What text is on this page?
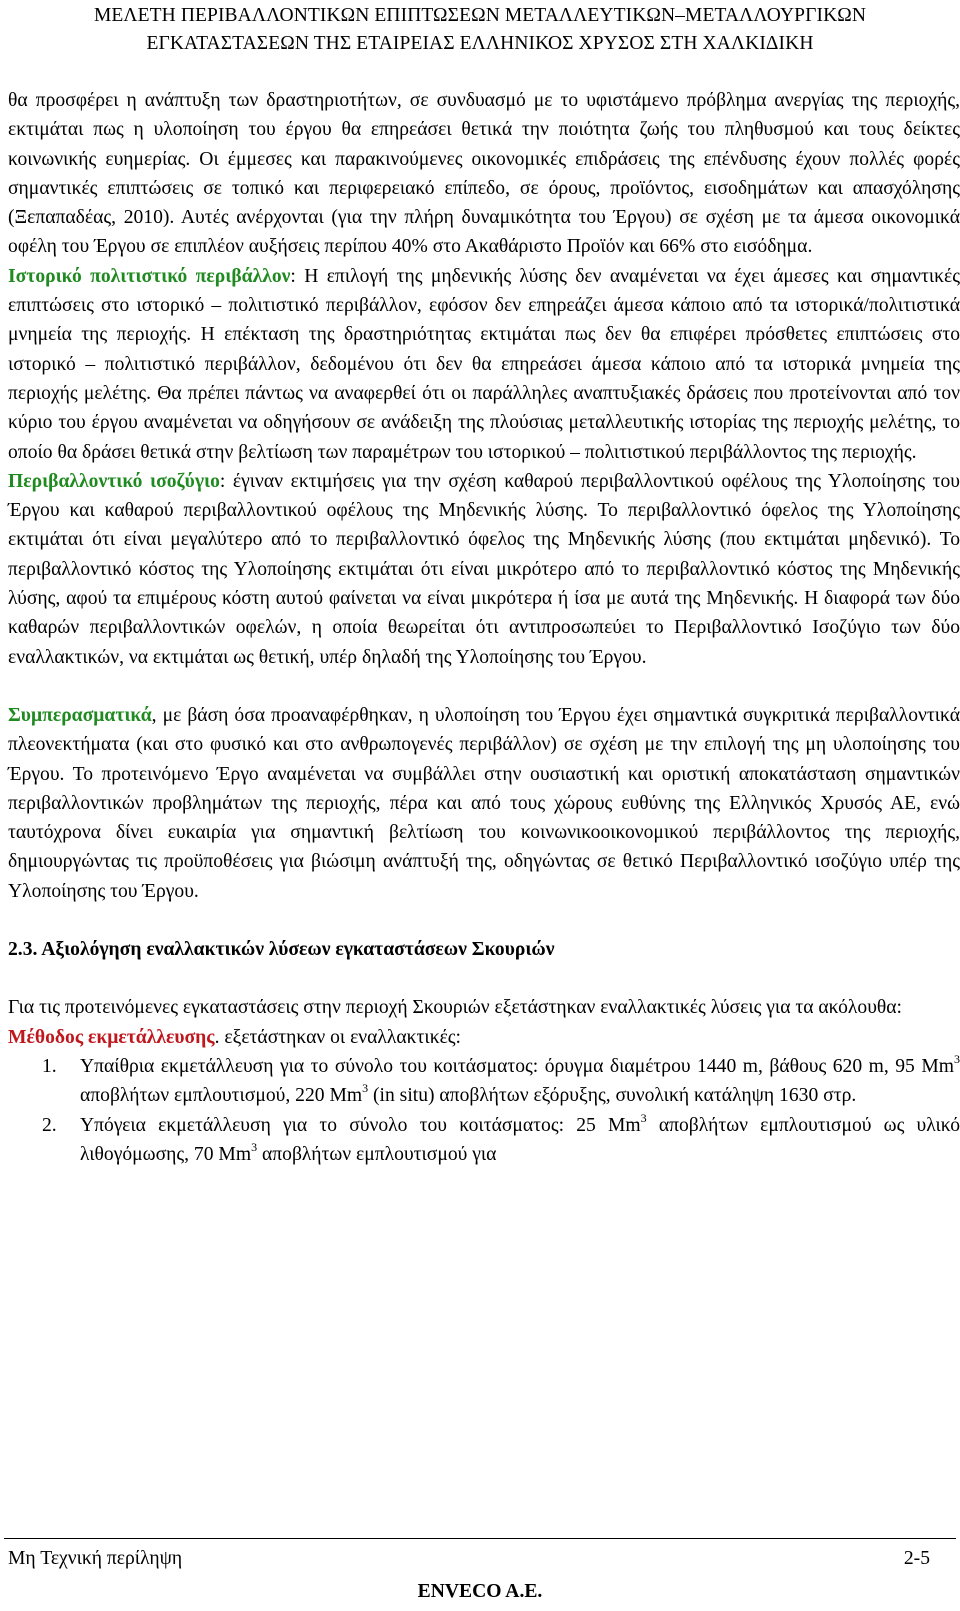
ΜΕΛΕΤΗ ΠΕΡΙΒΑΛΛΟΝΤΙΚΩΝ ΕΠΙΠΤΩΣΕΩΝ ΜΕΤΑΛΛΕΥΤΙΚΩΝ–ΜΕΤΑΛΛΟΥΡΓΙΚΩΝ
ΕΓΚΑΤΑΣΤΑΣΕΩΝ ΤΗΣ ΕΤΑΙΡΕΙΑΣ ΕΛΛΗΝΙΚΟΣ ΧΡΥΣΟΣ ΣΤΗ ΧΑΛΚΙΔΙΚΗ

θα προσφέρει η ανάπτυξη των δραστηριοτήτων, σε συνδυασμό με το υφιστάμενο πρόβλημα ανεργίας της περιοχής, εκτιμάται πως η υλοποίηση του έργου θα επηρεάσει θετικά την ποιότητα ζωής του πληθυσμού και τους δείκτες κοινωνικής ευημερίας. Οι έμμεσες και παρακινούμενες οικονομικές επιδράσεις της επένδυσης έχουν πολλές φορές σημαντικές επιπτώσεις σε τοπικό και περιφερειακό επίπεδο, σε όρους, προϊόντος, εισοδημάτων και απασχόλησης (Ξεπαπαδέας, 2010). Αυτές ανέρχονται (για την πλήρη δυναμικότητα του Έργου) σε σχέση με τα άμεσα οικονομικά οφέλη του Έργου σε επιπλέον αυξήσεις περίπου 40% στο Ακαθάριστο Προϊόν και 66% στο εισόδημα.

Ιστορικό πολιτιστικό περιβάλλον: Η επιλογή της μηδενικής λύσης δεν αναμένεται να έχει άμεσες και σημαντικές επιπτώσεις στο ιστορικό – πολιτιστικό περιβάλλον, εφόσον δεν επηρεάζει άμεσα κάποιο από τα ιστορικά/πολιτιστικά μνημεία της περιοχής. Η επέκταση της δραστηριότητας εκτιμάται πως δεν θα επιφέρει πρόσθετες επιπτώσεις στο ιστορικό – πολιτιστικό περιβάλλον, δεδομένου ότι δεν θα επηρεάσει άμεσα κάποιο από τα ιστορικά μνημεία της περιοχής μελέτης. Θα πρέπει πάντως να αναφερθεί ότι οι παράλληλες αναπτυξιακές δράσεις που προτείνονται από τον κύριο του έργου αναμένεται να οδηγήσουν σε ανάδειξη της πλούσιας μεταλλευτικής ιστορίας της περιοχής μελέτης, το οποίο θα δράσει θετικά στην βελτίωση των παραμέτρων του ιστορικού – πολιτιστικού περιβάλλοντος της περιοχής.

Περιβαλλοντικό ισοζύγιο: έγιναν εκτιμήσεις για την σχέση καθαρού περιβαλλοντικού οφέλους της Υλοποίησης του Έργου και καθαρού περιβαλλοντικού οφέλους της Μηδενικής λύσης. Το περιβαλλοντικό όφελος της Υλοποίησης εκτιμάται ότι είναι μεγαλύτερο από το περιβαλλοντικό όφελος της Μηδενικής λύσης (που εκτιμάται μηδενικό). Το περιβαλλοντικό κόστος της Υλοποίησης εκτιμάται ότι είναι μικρότερο από το περιβαλλοντικό κόστος της Μηδενικής λύσης, αφού τα επιμέρους κόστη αυτού φαίνεται να είναι μικρότερα ή ίσα με αυτά της Μηδενικής. Η διαφορά των δύο καθαρών περιβαλλοντικών οφελών, η οποία θεωρείται ότι αντιπροσωπεύει το Περιβαλλοντικό Ισοζύγιο των δύο εναλλακτικών, να εκτιμάται ως θετική, υπέρ δηλαδή της Υλοποίησης του Έργου.

Συμπερασματικά, με βάση όσα προαναφέρθηκαν, η υλοποίηση του Έργου έχει σημαντικά συγκριτικά περιβαλλοντικά πλεονεκτήματα (και στο φυσικό και στο ανθρωπογενές περιβάλλον) σε σχέση με την επιλογή της μη υλοποίησης του Έργου. Το προτεινόμενο Έργο αναμένεται να συμβάλλει στην ουσιαστική και οριστική αποκατάσταση σημαντικών περιβαλλοντικών προβλημάτων της περιοχής, πέρα και από τους χώρους ευθύνης της Ελληνικός Χρυσός ΑΕ, ενώ ταυτόχρονα δίνει ευκαιρία για σημαντική βελτίωση του κοινωνικοοικονομικού περιβάλλοντος της περιοχής, δημιουργώντας τις προϋποθέσεις για βιώσιμη ανάπτυξή της, οδηγώντας σε θετικό Περιβαλλοντικό ισοζύγιο υπέρ της Υλοποίησης του Έργου.

2.3. Αξιολόγηση εναλλακτικών λύσεων εγκαταστάσεων Σκουριών

Για τις προτεινόμενες εγκαταστάσεις στην περιοχή Σκουριών εξετάστηκαν εναλλακτικές λύσεις για τα ακόλουθα:

Μέθοδος εκμετάλλευσης. εξετάστηκαν οι εναλλακτικές:

1. Υπαίθρια εκμετάλλευση για το σύνολο του κοιτάσματος: όρυγμα διαμέτρου 1440 m, βάθους 620 m, 95 Mm$^3$ αποβλήτων εμπλουτισμού, 220 Mm$^3$ (in situ) αποβλήτων εξόρυξης, συνολική κατάληψη 1630 στρ.
2. Υπόγεια εκμετάλλευση για το σύνολο του κοιτάσματος: 25 Mm$^3$ αποβλήτων εμπλουτισμού ως υλικό λιθογόμωσης, 70 Mm$^3$ αποβλήτων εμπλουτισμού για
Μη Τεχνική περίληψη	2-5
ENVECO A.E.
